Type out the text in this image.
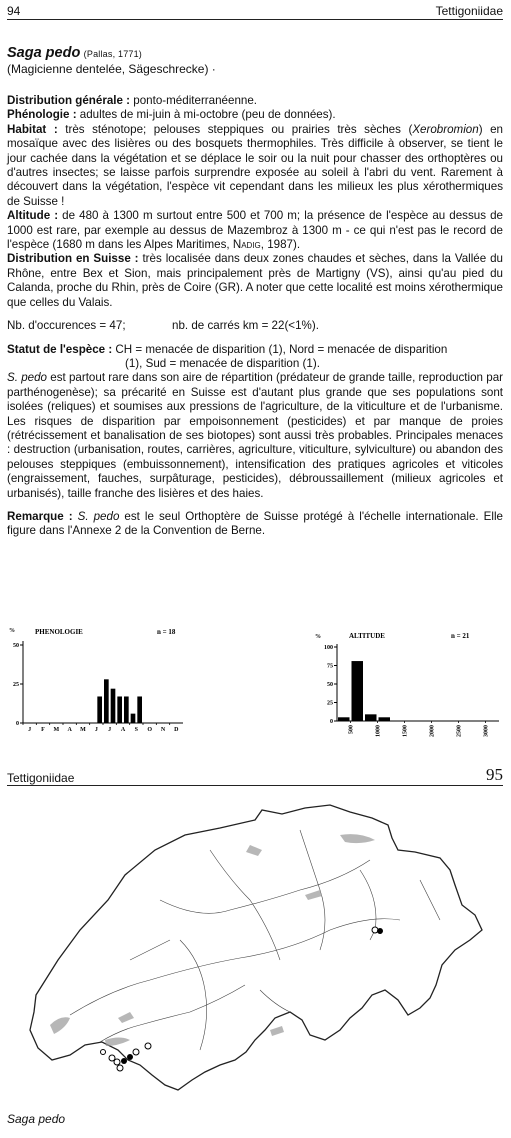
94	Tettigoniidae
Saga pedo (Pallas, 1771)
(Magicienne dentelée, Sägeschrecke) ·

Distribution générale : ponto-méditerranéenne.

Phénologie : adultes de mi-juin à mi-octobre (peu de données).

Habitat : très sténotope; pelouses steppiques ou prairies très sèches (Xerobromion) en mosaïque avec des lisières ou des bosquets thermophiles. Très difficile à observer, se tient le jour cachée dans la végétation et se déplace le soir ou la nuit pour chasser des orthoptères ou d'autres insectes; se laisse parfois surprendre exposée au soleil à l'abri du vent. Rarement à découvert dans la végétation, l'espèce vit cependant dans les milieux les plus xérothermiques de Suisse !

Altitude : de 480 à 1300 m surtout entre 500 et 700 m; la présence de l'espèce au dessus de 1000 est rare, par exemple au dessus de Mazembroz à 1300 m - ce qui n'est pas le record de l'espèce (1680 m dans les Alpes Maritimes, Nadig, 1987).

Distribution en Suisse : très localisée dans deux zones chaudes et sèches, dans la Vallée du Rhône, entre Bex et Sion, mais principalement près de Martigny (VS), ainsi qu'au pied du Calanda, proche du Rhin, près de Coire (GR). A noter que cette localité est moins xérothermique que celles du Valais.

Nb. d'occurences = 47;	nb. de carrés km = 22(<1%).

Statut de l'espèce : CH = menacée de disparition (1), Nord = menacée de disparition

(1), Sud = menacée de disparition (1).

S. pedo est partout rare dans son aire de répartition (prédateur de grande taille, reproduction par parthénogenèse); sa précarité en Suisse est d'autant plus grande que ses populations sont isolées (reliques) et soumises aux pressions de l'agriculture, de la viticulture et de l'urbanisme. Les risques de disparition par empoisonnement (pesticides) et par manque de proies (rétrécissement et banalisation de ses biotopes) sont aussi très probables. Principales menaces : destruction (urbanisation, routes, carrières, agriculture, viticulture, sylviculture) ou abandon des pelouses steppiques (embuissonnement), intensification des pratiques agricoles et viticoles (engraissement, fauches, surpâturage, pesticides), débroussaillement (milieux agricoles et urbanisés), taille franche des lisières et des haies.

Remarque : S. pedo est le seul Orthoptère de Suisse protégé à l'échelle internationale. Elle figure dans l'Annexe 2 de la Convention de Berne.

%	PHENOLOGIE	n = 18
0
25
50
J F M A M J J A S O N D
%	ALTITUDE	n = 21
0
25
50
75
100
500	1000	1500	2000	2500	3000
Tettigoniidae	95
Saga pedo
